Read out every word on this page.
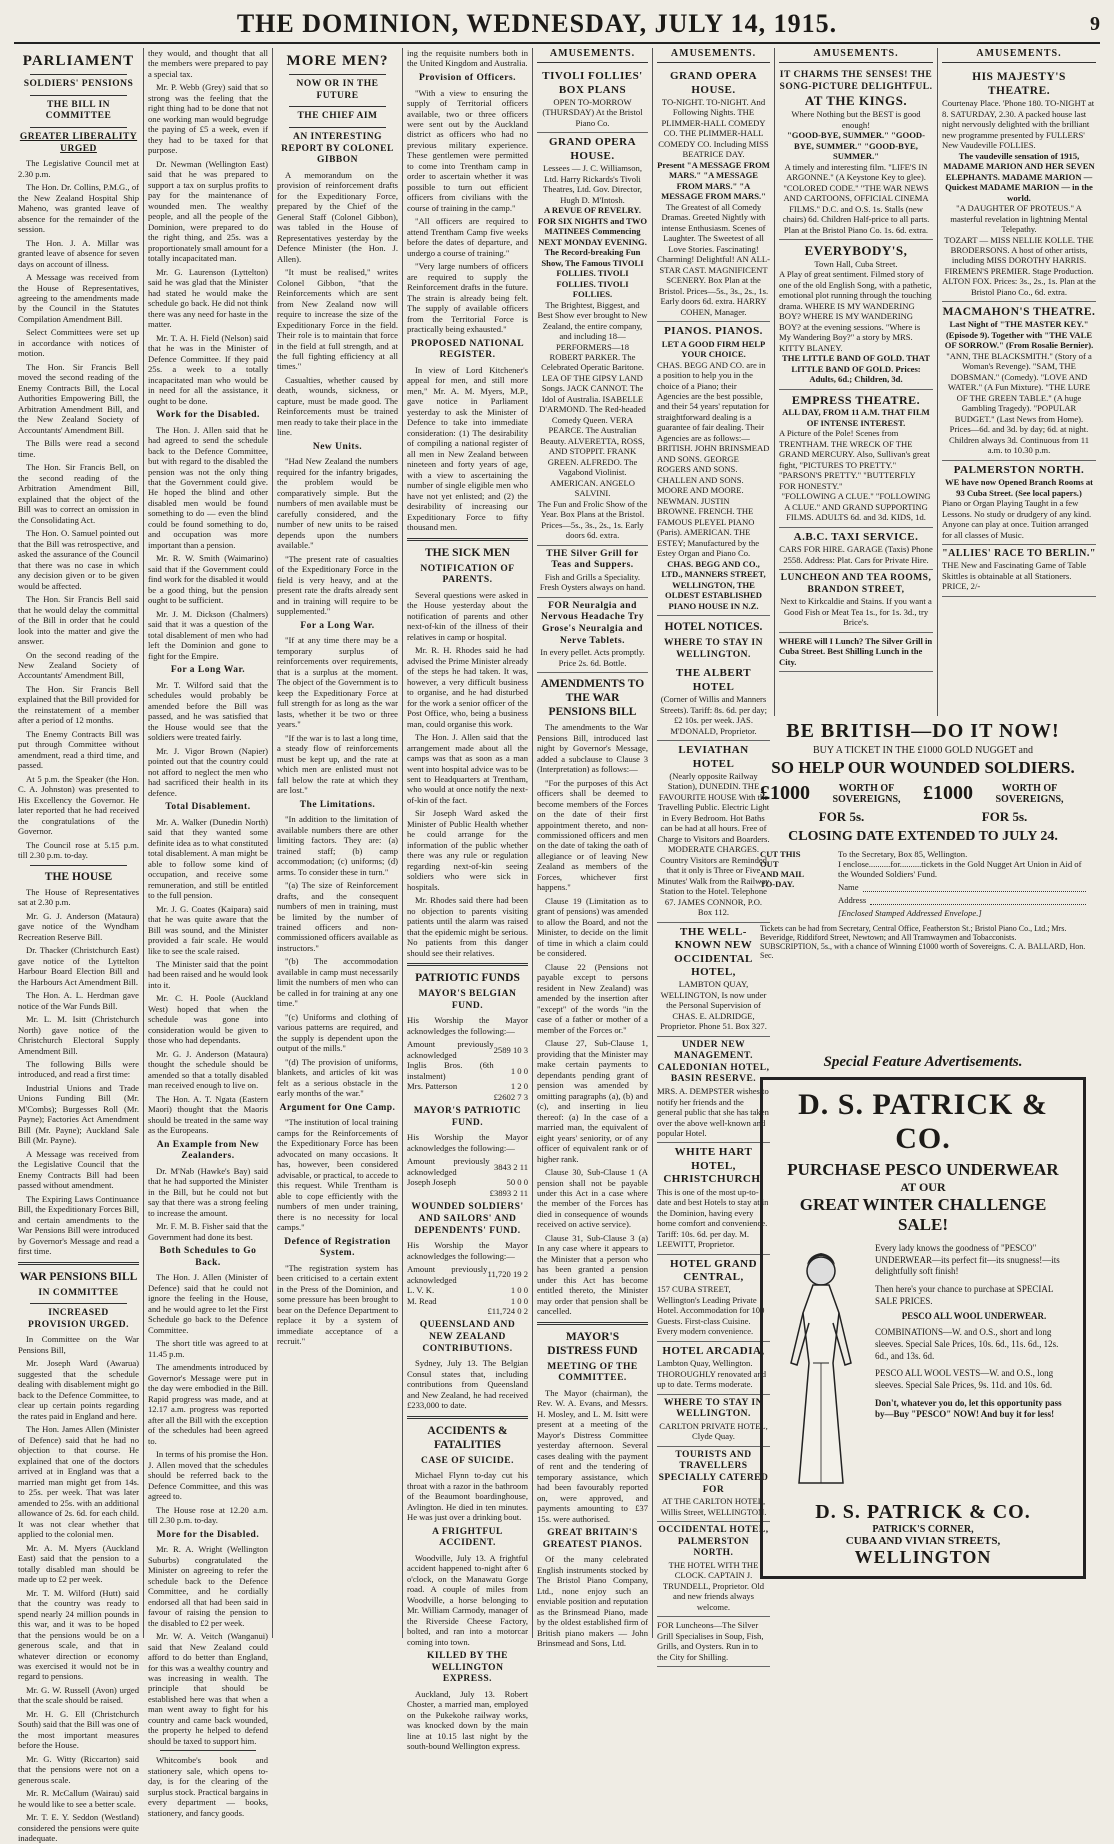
THE DOMINION, WEDNESDAY, JULY 14, 1915.	9
PARLIAMENT
SOLDIERS' PENSIONS
THE BILL IN COMMITTEE
GREATER LIBERALITY URGED

The Legislative Council met at 2.30 p.m.

The Hon. Dr. Collins, P.M.G., of the New Zealand Hospital Ship Maheno, was granted leave of absence for the remainder of the session.

The Hon. J. A. Millar was granted leave of absence for seven days on account of illness.

A Message was received from the House of Representatives, agreeing to the amendments made by the Council in the Statutes Compilation Amendment Bill.

Select Committees were set up in accordance with notices of motion.

The Hon. Sir Francis Bell moved the second reading of the Enemy Contracts Bill, the Local Authorities Empowering Bill, the Arbitration Amendment Bill, and the New Zealand Society of Accountants' Amendment Bill.

The Bills were read a second time.

The Hon. Sir Francis Bell, on the second reading of the Arbitration Amendment Bill, explained that the object of the Bill was to correct an omission in the Consolidating Act.

The Hon. O. Samuel pointed out that the Bill was retrospective, and asked the assurance of the Council that there was no case in which any decision given or to be given would be affected.

The Hon. Sir Francis Bell said that he would delay the committal of the Bill in order that he could look into the matter and give the answer.

On the second reading of the New Zealand Society of Accountants' Amendment Bill,

The Hon. Sir Francis Bell explained that the Bill provided for the reinstatement of a member after a period of 12 months.

The Enemy Contracts Bill was put through Committee without amendment, read a third time, and passed.

At 5 p.m. the Speaker (the Hon. C. A. Johnston) was presented to His Excellency the Governor. He later reported that he had received the congratulations of the Governor.

The Council rose at 5.15 p.m. till 2.30 p.m. to-day.

THE HOUSE

The House of Representatives sat at 2.30 p.m.

Mr. G. J. Anderson (Mataura) gave notice of the Wyndham Recreation Reserve Bill.

Dr. Thacker (Christchurch East) gave notice of the Lyttelton Harbour Board Election Bill and the Harbours Act Amendment Bill.

The Hon. A. L. Herdman gave notice of the War Funds Bill.

Mr. L. M. Isitt (Christchurch North) gave notice of the Christchurch Electoral Supply Amendment Bill.

The following Bills were introduced, and read a first time:

Industrial Unions and Trade Unions Funding Bill (Mr. M'Combs); Burgesses Roll (Mr. Payne); Factories Act Amendment Bill (Mr. Payne); Auckland Sale Bill (Mr. Payne).

A Message was received from the Legislative Council that the Enemy Contracts Bill had been passed without amendment.

The Expiring Laws Continuance Bill, the Expeditionary Forces Bill, and certain amendments to the War Pensions Bill were introduced by Governor's Message and read a first time.

WAR PENSIONS BILL
IN COMMITTEE
INCREASED PROVISION URGED.

In Committee on the War Pensions Bill,

Mr. Joseph Ward (Awarua) suggested that the schedule dealing with disablement might go back to the Defence Committee, to clear up certain points regarding the rates paid in England and here.

The Hon. James Allen (Minister of Defence) said that he had no objection to that course. He explained that one of the doctors arrived at in England was that a married man might get from 14s. to 25s. per week. That was later amended to 25s. with an additional allowance of 2s. 6d. for each child. It was not clear whether that applied to the colonial men.

Mr. A. M. Myers (Auckland East) said that the pension to a totally disabled man should be made up to £2 per week.

Mr. T. M. Wilford (Hutt) said that the country was ready to spend nearly 24 million pounds in this war, and it was to be hoped that the pensions would be on a generous scale, and that in whatever direction or economy was exercised it would not be in regard to pensions.

Mr. G. W. Russell (Avon) urged that the scale should be raised.

Mr. H. G. Ell (Christchurch South) said that the Bill was one of the most important measures before the House.

Mr. G. Witty (Riccarton) said that the pensions were not on a generous scale.

Mr. R. McCallum (Wairau) said he would like to see a better scale.

Mr. T. E. Y. Seddon (Westland) considered the pensions were quite inadequate.

they would, and thought that all the members were prepared to pay a special tax.

Mr. P. Webb (Grey) said that so strong was the feeling that the right thing had to be done that not one working man would begrudge the paying of £5 a week, even if they had to be taxed for that purpose.

Dr. Newman (Wellington East) said that he was prepared to support a tax on surplus profits to pay for the maintenance of wounded men. The wealthy people, and all the people of the Dominion, were prepared to do the right thing, and 25s. was a proportionately small amount for a totally incapacitated man.

Mr. G. Laurenson (Lyttelton) said he was glad that the Minister had stated he would make the schedule go back. He did not think there was any need for haste in the matter.

Mr. T. A. H. Field (Nelson) said that he was in the Minister of Defence Committee. If they paid 25s. a week to a totally incapacitated man who would be in need for all the assistance, it ought to be done.

Work for the Disabled.

The Hon. J. Allen said that he had agreed to send the schedule back to the Defence Committee, but with regard to the disabled the pension was not the only thing that the Government could give. He hoped the blind and other disabled men would be found something to do — even the blind could be found something to do, and occupation was more important than a pension.

Mr. R. W. Smith (Waimarino) said that if the Government could find work for the disabled it would be a good thing, but the pension ought to be sufficient.

Mr. J. M. Dickson (Chalmers) said that it was a question of the total disablement of men who had left the Dominion and gone to fight for the Empire.

For a Long War.

Mr. T. Wilford said that the schedules would probably be amended before the Bill was passed, and he was satisfied that the House would see that the soldiers were treated fairly.

Mr. J. Vigor Brown (Napier) pointed out that the country could not afford to neglect the men who had sacrificed their health in its defence.

Total Disablement.

Mr. A. Walker (Dunedin North) said that they wanted some definite idea as to what constituted total disablement. A man might be able to follow some kind of occupation, and receive some remuneration, and still be entitled to the full pension.

Mr. J. G. Coates (Kaipara) said that he was quite aware that the Bill was sound, and the Minister provided a fair scale. He would like to see the scale raised.

The Minister said that the point had been raised and he would look into it.

Mr. C. H. Poole (Auckland West) hoped that when the schedule was gone into consideration would be given to those who had dependants.

Mr. G. J. Anderson (Mataura) thought the schedule should be amended so that a totally disabled man received enough to live on.

The Hon. A. T. Ngata (Eastern Maori) thought that the Maoris should be treated in the same way as the Europeans.

An Example from New Zealanders.

Dr. M'Nab (Hawke's Bay) said that he had supported the Minister in the Bill, but he could not but say that there was a strong feeling to increase the amount.

Mr. F. M. B. Fisher said that the Government had done its best.

Both Schedules to Go Back.

The Hon. J. Allen (Minister of Defence) said that he could not ignore the feeling in the House, and he would agree to let the First Schedule go back to the Defence Committee.

The short title was agreed to at 11.45 p.m.

The amendments introduced by Governor's Message were put in the day were embodied in the Bill. Rapid progress was made, and at 12.17 a.m. progress was reported after all the Bill with the exception of the schedules had been agreed to.

In terms of his promise the Hon. J. Allen moved that the schedules should be referred back to the Defence Committee, and this was agreed to.

The House rose at 12.20 a.m. till 2.30 p.m. to-day.

More for the Disabled.

Mr. R. A. Wright (Wellington Suburbs) congratulated the Minister on agreeing to refer the schedule back to the Defence Committee, and he cordially endorsed all that had been said in favour of raising the pension to the disabled to £2 per week.

Mr. W. A. Veitch (Wanganui) said that New Zealand could afford to do better than England, for this was a wealthy country and was increasing in wealth. The principle that should be established here was that when a man went away to fight for his country and came back wounded, the property he helped to defend should be taxed to support him.

Whitcombe's book and stationery sale, which opens to-day, is for the clearing of the surplus stock. Practical bargains in every department — books, stationery, and fancy goods.

MORE MEN?
NOW OR IN THE FUTURE
THE CHIEF AIM
AN INTERESTING REPORT BY COLONEL GIBBON

A memorandum on the provision of reinforcement drafts for the Expeditionary Force, prepared by the Chief of the General Staff (Colonel Gibbon), was tabled in the House of Representatives yesterday by the Defence Minister (the Hon. J. Allen).

"It must be realised," writes Colonel Gibbon, "that the Reinforcements which are sent from New Zealand now will require to increase the size of the Expeditionary Force in the field. Their role is to maintain that force in the field at full strength, and at the full fighting efficiency at all times."

Casualties, whether caused by death, wounds, sickness, or capture, must be made good. The Reinforcements must be trained men ready to take their place in the line.

New Units.

"Had New Zealand the numbers required for the infantry brigades, the problem would be comparatively simple. But the numbers of men available must be carefully considered, and the number of new units to be raised depends upon the numbers available."

"The present rate of casualties of the Expeditionary Force in the field is very heavy, and at the present rate the drafts already sent and in training will require to be supplemented."

For a Long War.

"If at any time there may be a temporary surplus of reinforcements over requirements, that is a surplus at the moment. The object of the Government is to keep the Expeditionary Force at full strength for as long as the war lasts, whether it be two or three years."

"If the war is to last a long time, a steady flow of reinforcements must be kept up, and the rate at which men are enlisted must not fall below the rate at which they are lost."

The Limitations.

"In addition to the limitation of available numbers there are other limiting factors. They are: (a) trained staff; (b) camp accommodation; (c) uniforms; (d) arms. To consider these in turn."

"(a) The size of Reinforcement drafts, and the consequent numbers of men in training, must be limited by the number of trained officers and non-commissioned officers available as instructors."

"(b) The accommodation available in camp must necessarily limit the numbers of men who can be called in for training at any one time."

"(c) Uniforms and clothing of various patterns are required, and the supply is dependent upon the output of the mills."

"(d) The provision of uniforms, blankets, and articles of kit was felt as a serious obstacle in the early months of the war."

Argument for One Camp.

"The institution of local training camps for the Reinforcements of the Expeditionary Force has been advocated on many occasions. It has, however, been considered advisable, or practical, to accede to this request. While Trentham is able to cope efficiently with the numbers of men under training, there is no necessity for local camps."

Defence of Registration System.

"The registration system has been criticised to a certain extent in the Press of the Dominion, and some pressure has been brought to bear on the Defence Department to replace it by a system of immediate acceptance of a recruit."

ing the requisite numbers both in the United Kingdom and Australia.

Provision of Officers.

"With a view to ensuring the supply of Territorial officers available, two or three officers were sent out by the Auckland district as officers who had no previous military experience. These gentlemen were permitted to come into Trentham camp in order to ascertain whether it was possible to turn out efficient officers from civilians with the course of training in the camp."

"All officers are required to attend Trentham Camp five weeks before the dates of departure, and undergo a course of training."

"Very large numbers of officers are required to supply the Reinforcement drafts in the future. The strain is already being felt. The supply of available officers from the Territorial Force is practically being exhausted."

PROPOSED NATIONAL REGISTER.

In view of Lord Kitchener's appeal for men, and still more men," Mr. A. M. Myers, M.P., gave notice in Parliament yesterday to ask the Minister of Defence to take into immediate consideration: (1) The desirability of compiling a national register of all men in New Zealand between nineteen and forty years of age, with a view to ascertaining the number of single eligible men who have not yet enlisted; and (2) the desirability of increasing our Expeditionary Force to fifty thousand men.

THE SICK MEN
NOTIFICATION OF PARENTS.

Several questions were asked in the House yesterday about the notification of parents and other next-of-kin of the illness of their relatives in camp or hospital.

Mr. R. H. Rhodes said he had advised the Prime Minister already of the steps he had taken. It was, however, a very difficult business to organise, and he had disturbed for the work a senior officer of the Post Office, who, being a business man, could organise this work.

The Hon. J. Allen said that the arrangement made about all the camps was that as soon as a man went into hospital advice was to be sent to Headquarters at Trentham, who would at once notify the next-of-kin of the fact.

Sir Joseph Ward asked the Minister of Public Health whether he could arrange for the information of the public whether there was any rule or regulation regarding next-of-kin seeing soldiers who were sick in hospitals.

Mr. Rhodes said there had been no objection to parents visiting patients until the alarm was raised that the epidemic might be serious. No patients from this danger should see their relatives.

PATRIOTIC FUNDS
MAYOR'S BELGIAN FUND.

His Worship the Mayor acknowledges the following:—

Amount previously acknowledged	2589 10 3
Inglis Bros. (6th instalment)	1 0 0
Mrs. Patterson	1 2 0
	£2602 7 3
MAYOR'S PATRIOTIC FUND.

His Worship the Mayor acknowledges the following:—

Amount previously acknowledged	3843 2 11
Joseph Joseph	50 0 0
	£3893 2 11
WOUNDED SOLDIERS' AND SAILORS' AND DEPENDENTS' FUND.

His Worship the Mayor acknowledges the following:—

Amount previously acknowledged	11,720 19 2
L. V. K.	1 0 0
M. Read	1 0 0
	£11,724 0 2
QUEENSLAND AND NEW ZEALAND CONTRIBUTIONS.

Sydney, July 13. The Belgian Consul states that, including contributions from Queensland and New Zealand, he had received £233,000 to date.

ACCIDENTS & FATALITIES
CASE OF SUICIDE.

Michael Flynn to-day cut his throat with a razor in the bathroom of the Beaumont boardinghouse, Avlington. He died in ten minutes. He was just over a drinking bout.

A FRIGHTFUL ACCIDENT.

Woodville, July 13. A frightful accident happened to-night after 6 o'clock, on the Manawatu Gorge road. A couple of miles from Woodville, a horse belonging to Mr. William Carmody, manager of the Riverside Cheese Factory, bolted, and ran into a motorcar coming into town.

KILLED BY THE WELLINGTON EXPRESS.

Auckland, July 13. Robert Choster, a married man, employed on the Pukekohe railway works, was knocked down by the main line at 10.15 last night by the south-bound Wellington express.

AMUSEMENTS.
TIVOLI FOLLIES' BOX PLANS
OPEN TO-MORROW (THURSDAY) At the Bristol Piano Co.
GRAND OPERA HOUSE.
Lessees — J. C. Williamson, Ltd. Harry Rickards's Tivoli Theatres, Ltd. Gov. Director, Hugh D. M'Intosh.
A REVUE OF REVELRY. FOR SIX NIGHTS and TWO MATINEES Commencing NEXT MONDAY EVENING. The Record-breaking Fun Show, The Famous TIVOLI FOLLIES. TIVOLI FOLLIES. TIVOLI FOLLIES.
The Brightest, Biggest, and Best Show ever brought to New Zealand, the entire company, and including 18—PERFORMERS—18
ROBERT PARKER. The Celebrated Operatic Baritone. LEA OF THE GIPSY LAND Songs. JACK CANNOT. The Idol of Australia. ISABELLE D'ARMOND. The Red-headed Comedy Queen. VERA PEARCE. The Australian Beauty. ALVERETTA, ROSS, AND STOPPIT. FRANK GREEN. ALFREDO. The Vagabond Violinist. AMERICAN. ANGELO SALVINI.
The Fun and Frolic Show of the Year. Box Plans at the Bristol. Prices—5s., 3s., 2s., 1s. Early doors 6d. extra.
THE Silver Grill for Teas and Suppers.
Fish and Grills a Speciality. Fresh Oysters always on hand.
FOR Neuralgia and Nervous Headache Try Grose's Neuralgia and Nerve Tablets.
In every pellet. Acts promptly. Price 2s. 6d. Bottle.
AMENDMENTS TO THE WAR PENSIONS BILL

The amendments to the War Pensions Bill, introduced last night by Governor's Message, added a subclause to Clause 3 (Interpretation) as follows:—

"For the purposes of this Act officers shall be deemed to become members of the Forces on the date of their first appointment thereto, and non-commissioned officers and men on the date of taking the oath of allegiance or of leaving New Zealand as members of the Forces, whichever first happens."

Clause 19 (Limitation as to grant of pensions) was amended to allow the Board, and not the Minister, to decide on the limit of time in which a claim could be considered.

Clause 22 (Pensions not payable except to persons resident in New Zealand) was amended by the insertion after "except" of the words "in the case of a father or mother of a member of the Forces or."

Clause 27, Sub-Clause 1, providing that the Minister may make certain payments to dependants pending grant of pension was amended by omitting paragraphs (a), (b) and (c), and inserting in lieu thereof: (a) In the case of a married man, the equivalent of eight years' seniority, or of any officer of equivalent rank or of higher rank.

Clause 30, Sub-Clause 1 (A pension shall not be payable under this Act in a case where the member of the Forces has died in consequence of wounds received on active service).

Clause 31, Sub-Clause 3 (a) In any case where it appears to the Minister that a person who has been granted a pension under this Act has become entitled thereto, the Minister may order that pension shall be cancelled.

MAYOR'S DISTRESS FUND
MEETING OF THE COMMITTEE.

The Mayor (chairman), the Rev. W. A. Evans, and Messrs. H. Mosley, and L. M. Isitt were present at a meeting of the Mayor's Distress Committee yesterday afternoon. Several cases dealing with the payment of rent and the tendering of temporary assistance, which had been favourably reported on, were approved, and payments amounting to £37 15s. were authorised.

GREAT BRITAIN'S GREATEST PIANOS.

Of the many celebrated English instruments stocked by The Bristol Piano Company, Ltd., none enjoy such an enviable position and reputation as the Brinsmead Piano, made by the oldest established firm of British piano makers — John Brinsmead and Sons, Ltd.

AMUSEMENTS.
GRAND OPERA HOUSE.
TO-NIGHT. TO-NIGHT. And Following Nights. THE PLIMMER-HALL COMEDY CO. THE PLIMMER-HALL COMEDY CO. Including MISS BEATRICE DAY.
Present "A MESSAGE FROM MARS." "A MESSAGE FROM MARS." "A MESSAGE FROM MARS."
The Greatest of all Comedy Dramas. Greeted Nightly with intense Enthusiasm. Scenes of Laughter. The Sweetest of all Love Stories. Fascinating! Charming! Delightful! AN ALL-STAR CAST. MAGNIFICENT SCENERY. Box Plan at the Bristol. Prices—5s., 3s., 2s., 1s. Early doors 6d. extra. HARRY COHEN, Manager.
PIANOS. PIANOS.
LET A GOOD FIRM HELP YOUR CHOICE.
CHAS. BEGG AND CO. are in a position to help you in the choice of a Piano; their Agencies are the best possible, and their 54 years' reputation for straightforward dealing is a guarantee of fair dealing. Their Agencies are as follows:— BRITISH. JOHN BRINSMEAD AND SONS. GEORGE ROGERS AND SONS. CHALLEN AND SONS. MOORE AND MOORE. NEWMAN. JUSTIN BROWNE. FRENCH. THE FAMOUS PLEYEL PIANO (Paris). AMERICAN. THE ESTEY; Manufactured by the Estey Organ and Piano Co.
CHAS. BEGG AND CO., LTD., MANNERS STREET, WELLINGTON, THE OLDEST ESTABLISHED PIANO HOUSE IN N.Z.
HOTEL NOTICES.
WHERE TO STAY IN WELLINGTON.
THE ALBERT HOTEL
(Corner of Willis and Manners Streets). Tariff: 8s. 6d. per day; £2 10s. per week. JAS. M'DONALD, Proprietor.
LEVIATHAN HOTEL
(Nearly opposite Railway Station), DUNEDIN. THE FAVOURITE HOUSE With the Travelling Public. Electric Light in Every Bedroom. Hot Baths can be had at all hours. Free of Charge to Visitors and Boarders. MODERATE CHARGES. Country Visitors are Reminded that it only is Three or Five Minutes' Walk from the Railway Station to the Hotel. Telephone 67. JAMES CONNOR, P.O. Box 112.
THE WELL-KNOWN NEW OCCIDENTAL HOTEL,
LAMBTON QUAY, WELLINGTON, Is now under the Personal Supervision of CHAS. E. ALDRIDGE, Proprietor. Phone 51. Box 327.
UNDER NEW MANAGEMENT. CALEDONIAN HOTEL, BASIN RESERVE.
MRS. A. DEMPSTER wishes to notify her friends and the general public that she has taken over the above well-known and popular Hotel.
WHITE HART HOTEL, CHRISTCHURCH.
This is one of the most up-to-date and best Hotels to stay at in the Dominion, having every home comfort and convenience. Tariff: 10s. 6d. per day. M. LEEWITT, Proprietor.
HOTEL GRAND CENTRAL,
157 CUBA STREET, Wellington's Leading Private Hotel. Accommodation for 100 Guests. First-class Cuisine. Every modern convenience.
HOTEL ARCADIA,
Lambton Quay, Wellington. THOROUGHLY renovated and up to date. Terms moderate.
WHERE TO STAY IN WELLINGTON.
CARLTON PRIVATE HOTEL, Clyde Quay.
TOURISTS AND TRAVELLERS SPECIALLY CATERED FOR
AT THE CARLTON HOTEL, Willis Street, WELLINGTON.
OCCIDENTAL HOTEL, PALMERSTON NORTH.
THE HOTEL WITH THE CLOCK. CAPTAIN J. TRUNDELL, Proprietor. Old and new friends always welcome.
FOR Luncheons—The Silver Grill Specialises in Soup, Fish, Grills, and Oysters. Run in to the City for Shilling.
AMUSEMENTS.
IT CHARMS THE SENSES! THE SONG-PICTURE DELIGHTFUL.
AT THE KINGS.
Where Nothing but the BEST is good enough!
"GOOD-BYE, SUMMER." "GOOD-BYE, SUMMER." "GOOD-BYE, SUMMER."
A timely and interesting film. "LIFE'S IN ARGONNE." (A Keystone Key to glee). "COLORED CODE." "THE WAR NEWS AND CARTOONS, OFFICIAL CINEMA FILMS." D.C. and O.S. 1s. Stalls (new chairs) 6d. Children Half-price to all parts. Plan at the Bristol Piano Co. 1s. 6d. extra.
EVERYBODY'S,
Town Hall, Cuba Street.
A Play of great sentiment. Filmed story of one of the old English Song, with a pathetic, emotional plot running through the touching drama. WHERE IS MY WANDERING BOY? WHERE IS MY WANDERING BOY? at the evening sessions. "Where is My Wandering Boy?" a story by MRS. KITTY BLANEY.
THE LITTLE BAND OF GOLD. THAT LITTLE BAND OF GOLD. Prices: Adults, 6d.; Children, 3d.
EMPRESS THEATRE.
ALL DAY, FROM 11 A.M. THAT FILM OF INTENSE INTEREST.
A Picture of the Pole! Scenes from TRENTHAM. THE WRECK OF THE GRAND MERCURY. Also, Sullivan's great fight, "PICTURES TO PRETTY." "PARSON'S PRETTY." "BUTTERFLY FOR HONESTY."
"FOLLOWING A CLUE." "FOLLOWING A CLUE." AND GRAND SUPPORTING FILMS. ADULTS 6d. and 3d. KIDS, 1d.
A.B.C. TAXI SERVICE.
CARS FOR HIRE. GARAGE (Taxis) Phone 2558. Address: Plat. Cars for Private Hire.
LUNCHEON AND TEA ROOMS, BRANDON STREET,
Next to Kirkcaldie and Stains. If you want a Good Fish or Meat Tea 1s., for 1s. 3d., try Brice's.
WHERE will I Lunch? The Silver Grill in Cuba Street. Best Shilling Lunch in the City.
AMUSEMENTS.
HIS MAJESTY'S THEATRE.
Courtenay Place. 'Phone 180. TO-NIGHT at 8. SATURDAY, 2.30. A packed house last night nervously delighted with the brilliant new programme presented by FULLERS' New Vaudeville FOLLIES.
The vaudeville sensation of 1915, MADAME MARION AND HER SEVEN ELEPHANTS. MADAME MARION — Quickest MADAME MARION — in the world.
"A DAUGHTER OF PROTEUS." A masterful revelation in lightning Mental Telepathy.
TOZART — MISS NELLIE KOLLE. THE BRODERSONS. A host of other artists, including MISS DOROTHY HARRIS.
FIREMEN'S PREMIER. Stage Production. ALTON FOX. Prices: 3s., 2s., 1s. Plan at the Bristol Piano Co., 6d. extra.
MACMAHON'S THEATRE.
Last Night of "THE MASTER KEY." (Episode 9). Together with "THE VALE OF SORROW." (From Rosalie Bernier).
"ANN, THE BLACKSMITH." (Story of a Woman's Revenge). "SAM, THE DOBSMAN." (Comedy). "LOVE AND WATER." (A Fun Mixture). "THE LURE OF THE GREEN TABLE." (A huge Gambling Tragedy). "POPULAR BUDGET." (Last News from Home).
Prices—6d. and 3d. by day; 6d. at night. Children always 3d. Continuous from 11 a.m. to 10.30 p.m.
PALMERSTON NORTH.
WE have now Opened Branch Rooms at 93 Cuba Street. (See local papers.)
Piano or Organ Playing Taught in a few Lessons. No study or drudgery of any kind. Anyone can play at once. Tuition arranged for all classes of Music.
"ALLIES' RACE TO BERLIN."
THE New and Fascinating Game of Table Skittles is obtainable at all Stationers. PRICE, 2/-
BE BRITISH—DO IT NOW!
BUY A TICKET IN THE £1000 GOLD NUGGET and
SO HELP OUR WOUNDED SOLDIERS.
£1000	WORTH OF SOVEREIGNS,	£1000	WORTH OF SOVEREIGNS,
FOR 5s.	FOR 5s.
CLOSING DATE EXTENDED TO JULY 24.
CUT THIS
OUT
AND MAIL
TO-DAY.
To the Secretary, Box 85, Wellington.
I enclose..........for..........tickets in the Gold Nugget Art Union in Aid of the Wounded Soldiers' Fund.
Name
Address
[Enclosed Stamped Addressed Envelope.]
Tickets can be had from Secretary, Central Office, Featherston St.; Bristol Piano Co., Ltd.; Mrs. Beveridge, Riddiford Street, Newtown; and All Tramwaymen and Tobacconists.
SUBSCRIPTION, 5s., with a chance of Winning £1000 worth of Sovereigns. C. A. BALLARD, Hon. Sec.
Special Feature Advertisements.
D. S. PATRICK & CO.
PURCHASE PESCO UNDERWEAR
AT OUR
GREAT WINTER CHALLENGE SALE!
Every lady knows the goodness of "PESCO" UNDERWEAR—its perfect fit—its snugness!—its delightfully soft finish!
Then here's your chance to purchase at SPECIAL SALE PRICES.
PESCO ALL WOOL UNDERWEAR.
COMBINATIONS—W. and O.S., short and long sleeves. Special Sale Prices, 10s. 6d., 11s. 6d., 12s. 6d., and 13s. 6d.
PESCO ALL WOOL VESTS—W. and O.S., long sleeves. Special Sale Prices, 9s. 11d. and 10s. 6d.
Don't, whatever you do, let this opportunity pass by—Buy "PESCO" NOW! And buy it for less!
D. S. PATRICK & CO.
PATRICK'S CORNER,
CUBA AND VIVIAN STREETS,
WELLINGTON
